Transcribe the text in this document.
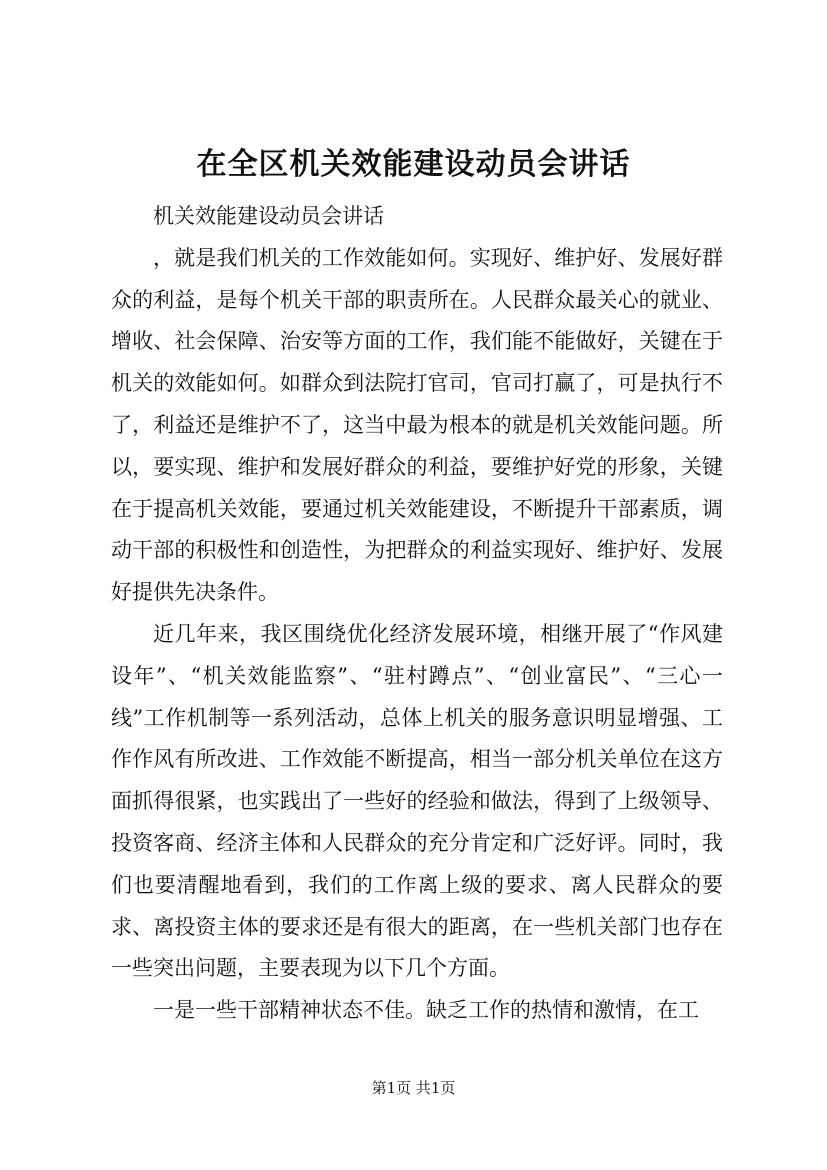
在全区机关效能建设动员会讲话

机关效能建设动员会讲话

，就是我们机关的工作效能如何。实现好、维护好、发展好群众的利益，是每个机关干部的职责所在。人民群众最关心的就业、增收、社会保障、治安等方面的工作，我们能不能做好，关键在于机关的效能如何。如群众到法院打官司，官司打赢了，可是执行不了，利益还是维护不了，这当中最为根本的就是机关效能问题。所以，要实现、维护和发展好群众的利益，要维护好党的形象，关键在于提高机关效能，要通过机关效能建设，不断提升干部素质，调动干部的积极性和创造性，为把群众的利益实现好、维护好、发展好提供先决条件。

近几年来，我区围绕优化经济发展环境，相继开展了“作风建设年”、“机关效能监察”、“驻村蹲点”、“创业富民”、“三心一线”工作机制等一系列活动，总体上机关的服务意识明显增强、工作作风有所改进、工作效能不断提高，相当一部分机关单位在这方面抓得很紧，也实践出了一些好的经验和做法，得到了上级领导、投资客商、经济主体和人民群众的充分肯定和广泛好评。同时，我们也要清醒地看到，我们的工作离上级的要求、离人民群众的要求、离投资主体的要求还是有很大的距离，在一些机关部门也存在一些突出问题，主要表现为以下几个方面。

一是一些干部精神状态不佳。缺乏工作的热情和激情，在工

第1页 共1页
